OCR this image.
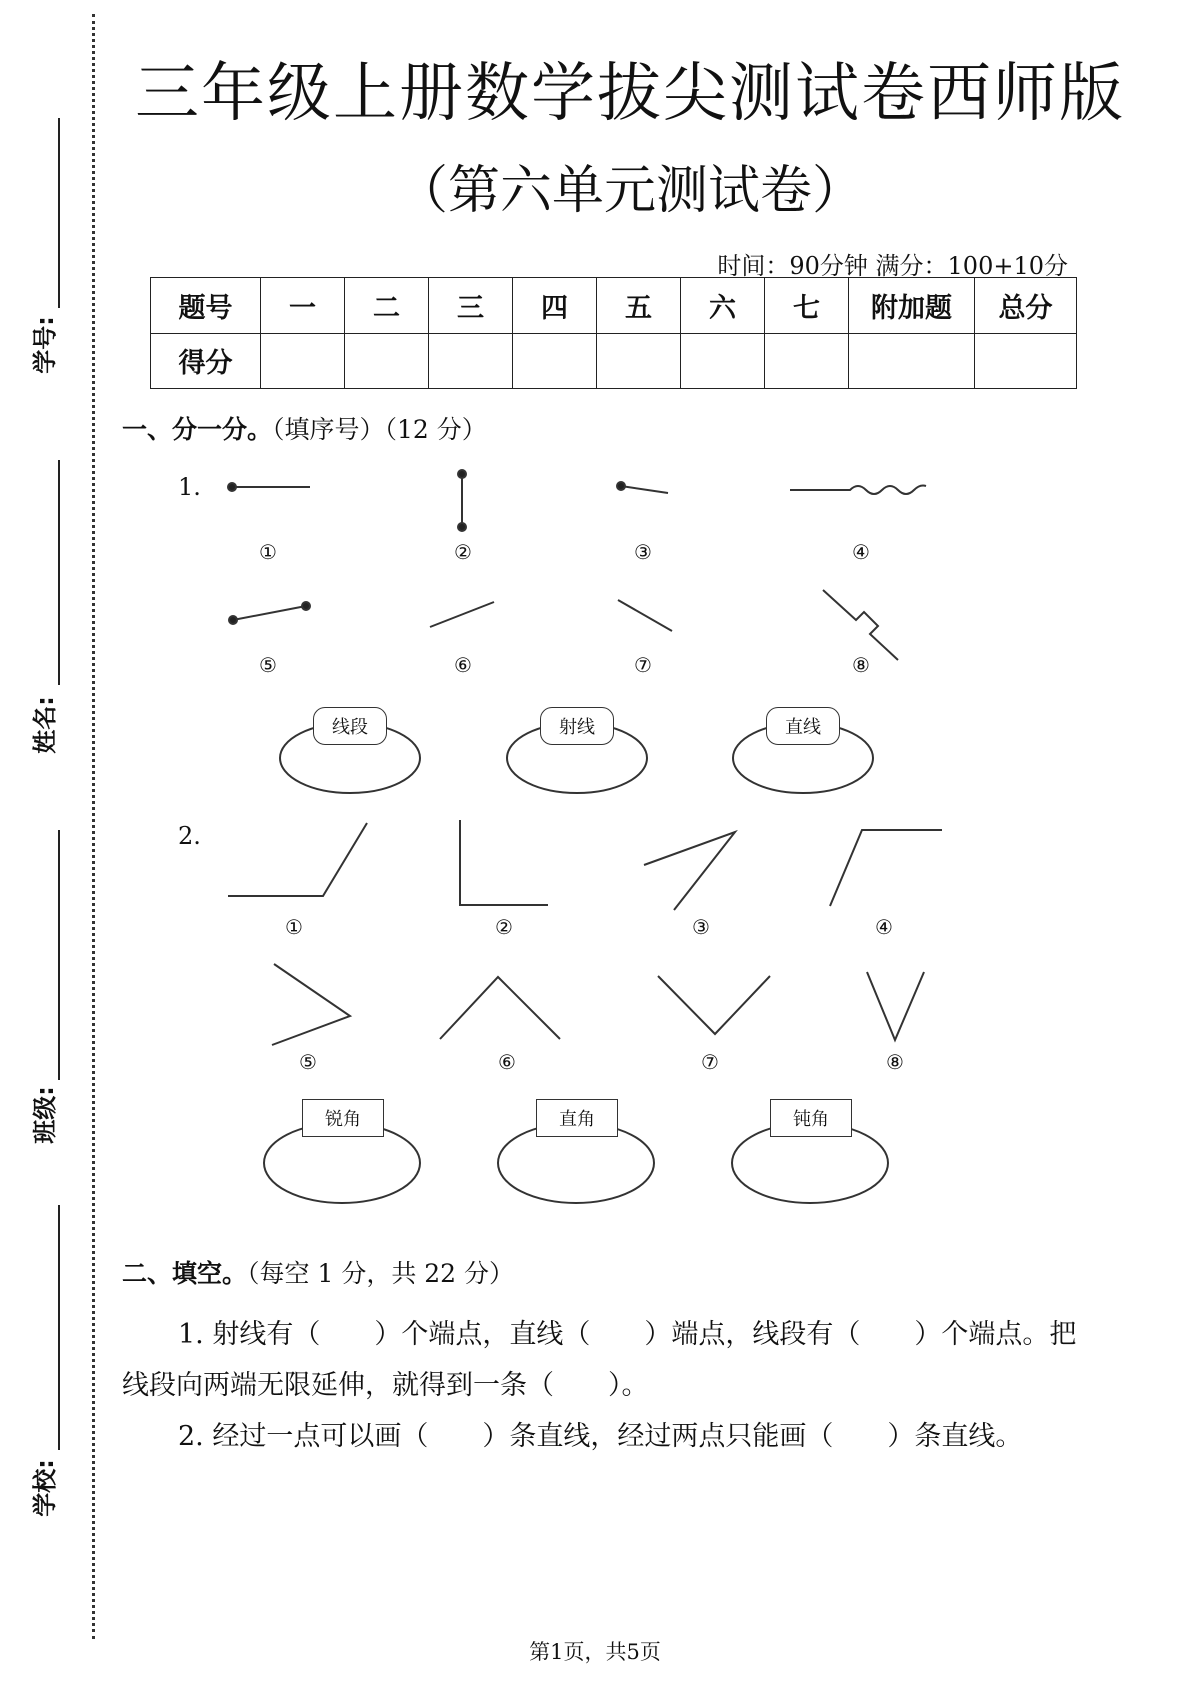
学号:
姓名:
班级:
学校:
三年级上册数学拔尖测试卷西师版
（第六单元测试卷）
时间：90分钟 满分：100+10分
题号	一	二	三	四	五	六	七	附加题	总分
得分									
一、分一分。（填序号）（12 分）
1.
①	②	③	④
⑤	⑥	⑦	⑧
线段	射线	直线
2.
①	②	③	④
⑤	⑥	⑦	⑧
锐角	直角	钝角
二、填空。（每空 1 分，共 22 分）
1. 射线有（　　）个端点，直线（　　）端点，线段有（　　）个端点。把
线段向两端无限延伸，就得到一条（　　）。
2. 经过一点可以画（　　）条直线，经过两点只能画（　　）条直线。
第1页，共5页
